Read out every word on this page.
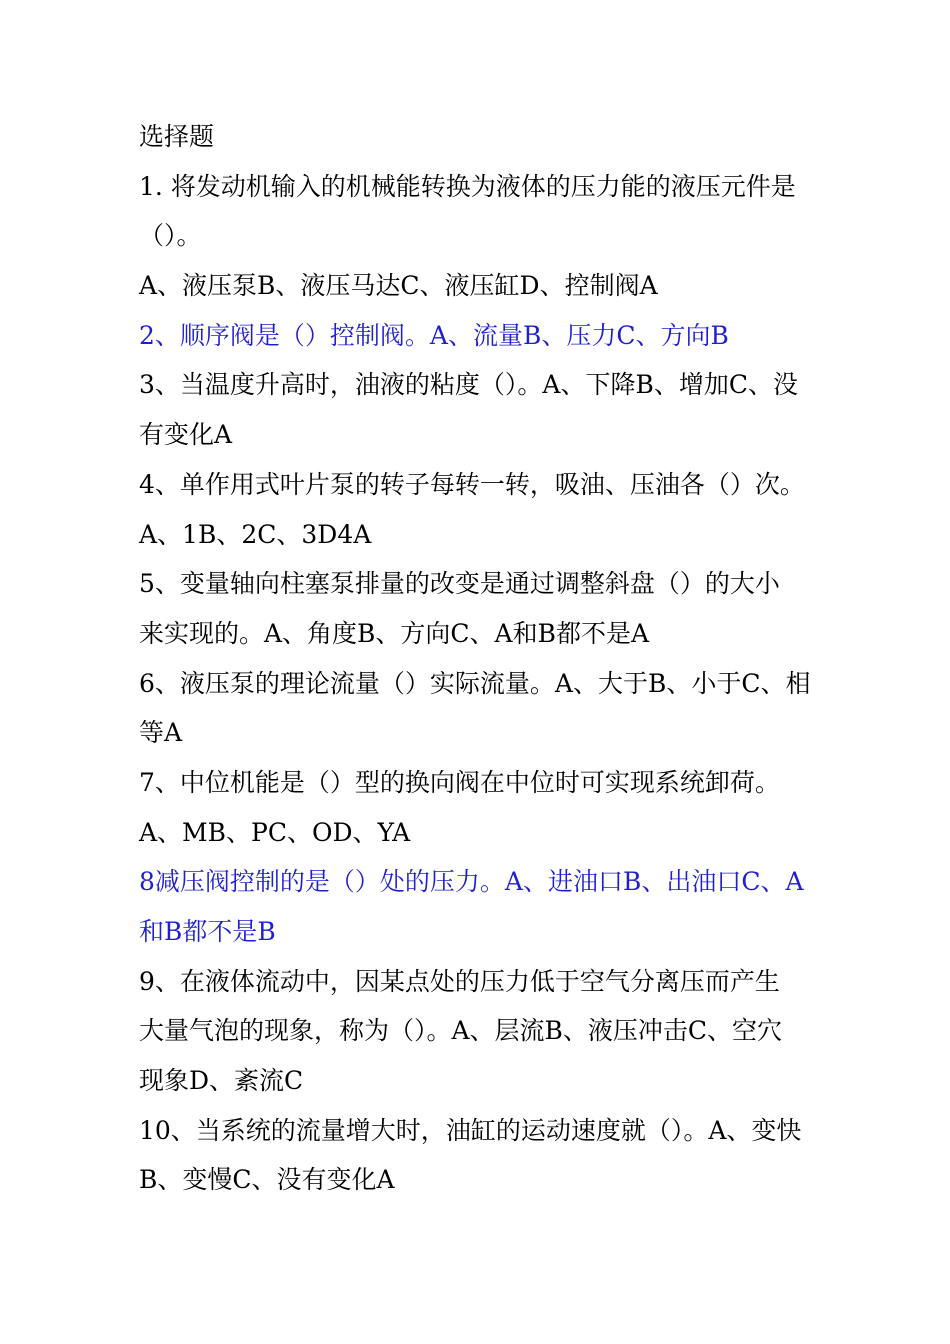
选择题
1. 将发动机输入的机械能转换为液体的压力能的液压元件是
（）。
A、液压泵B、液压马达C、液压缸D、控制阀A
2、顺序阀是（）控制阀。A、流量B、压力C、方向B
3、当温度升高时，油液的粘度（）。A、下降B、增加C、没
有变化A
4、单作用式叶片泵的转子每转一转，吸油、压油各（）次。
A、1B、2C、3D4A
5、变量轴向柱塞泵排量的改变是通过调整斜盘（）的大小
来实现的。A、角度B、方向C、A和B都不是A
6、液压泵的理论流量（）实际流量。A、大于B、小于C、相
等A
7、中位机能是（）型的换向阀在中位时可实现系统卸荷。
A、MB、PC、OD、YA
8减压阀控制的是（）处的压力。A、进油口B、出油口C、A
和B都不是B
9、在液体流动中，因某点处的压力低于空气分离压而产生
大量气泡的现象，称为（）。A、层流B、液压冲击C、空穴
现象D、紊流C
10、当系统的流量增大时，油缸的运动速度就（）。A、变快
B、变慢C、没有变化A
